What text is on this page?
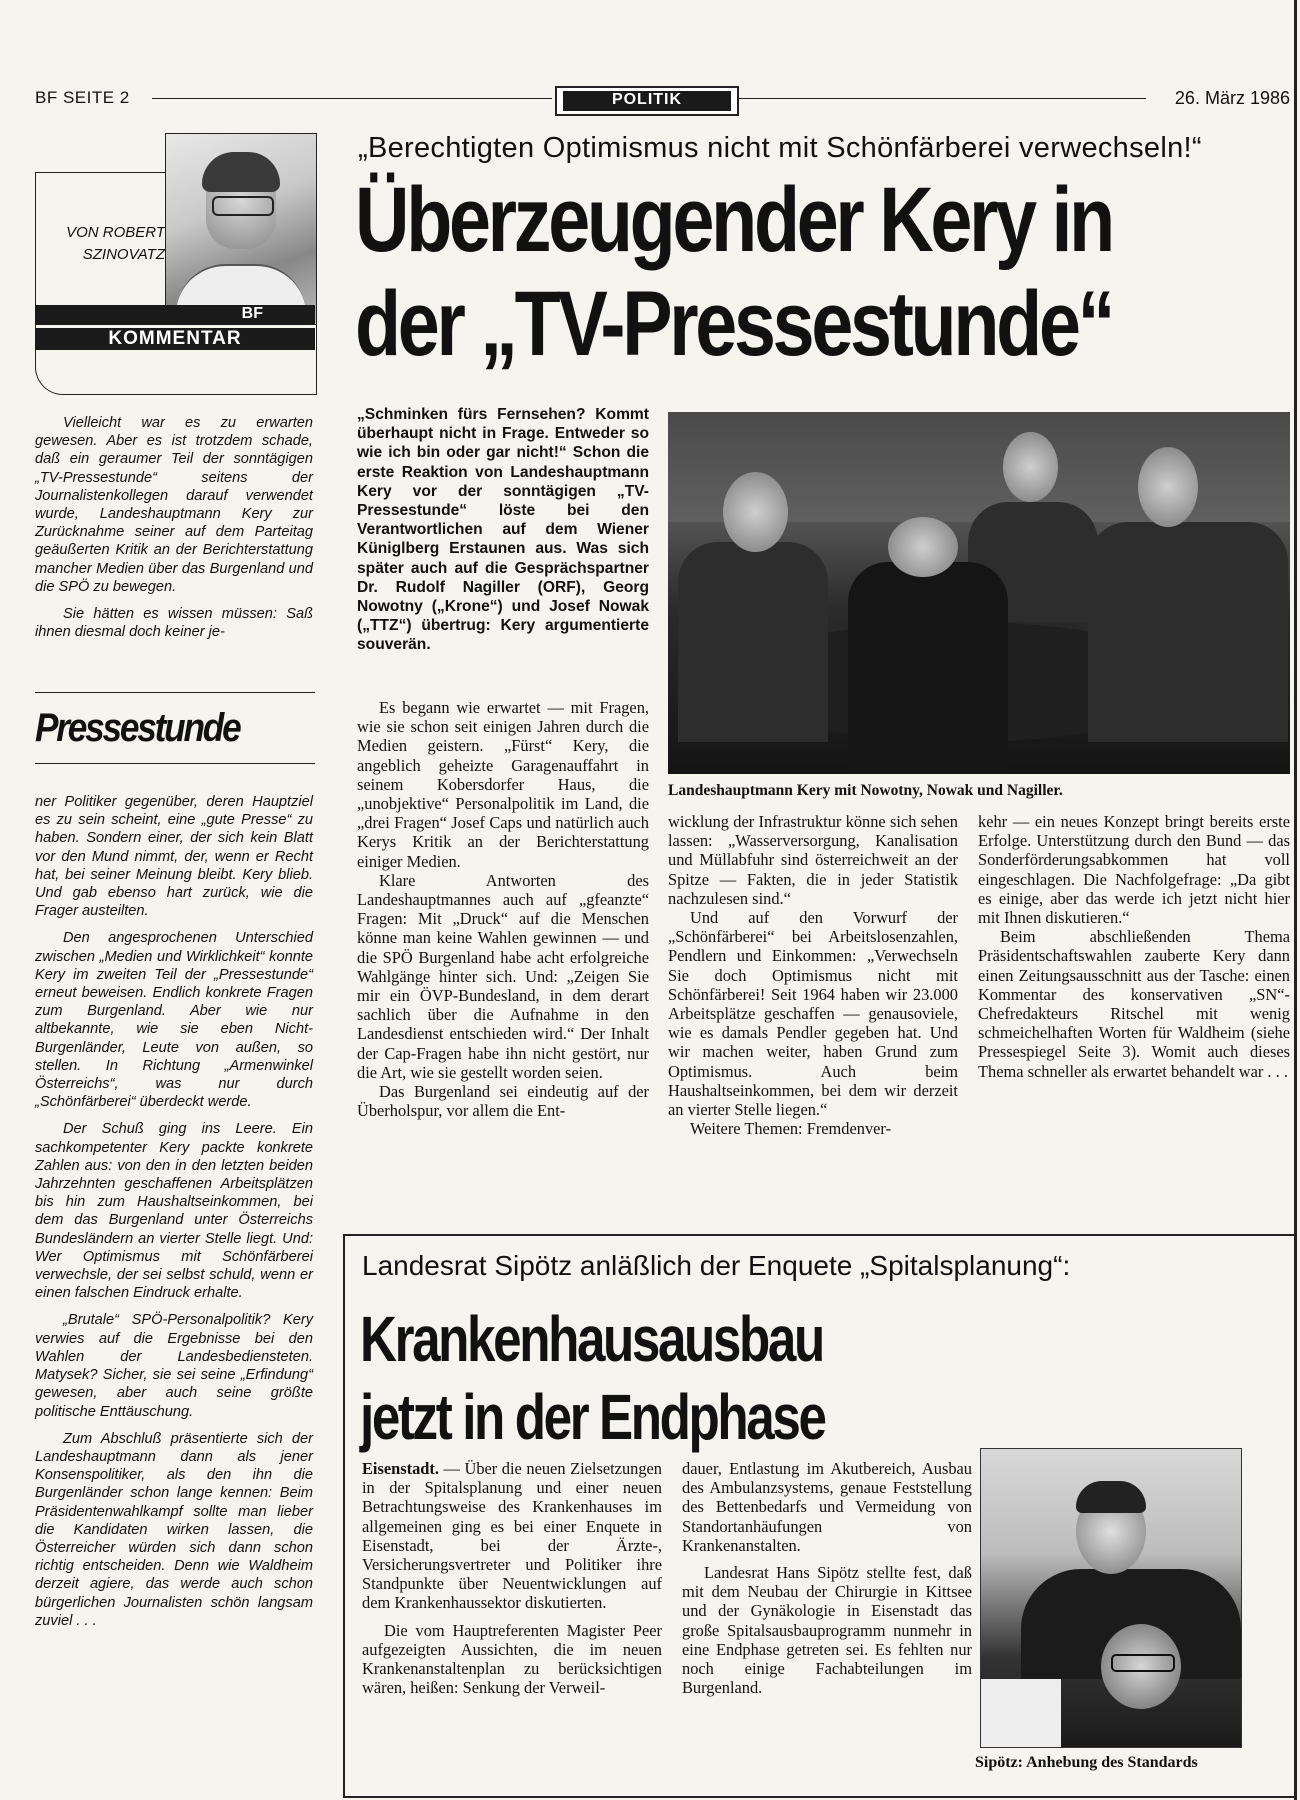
BF SEITE 2	POLITIK	26. März 1986
VON ROBERT
SZINOVATZ
BF
KOMMENTAR

Vielleicht war es zu erwarten gewesen. Aber es ist trotzdem schade, daß ein geraumer Teil der sonntägigen „TV-Pressestunde“ seitens der Journalistenkollegen darauf verwendet wurde, Landeshauptmann Kery zur Zurücknahme seiner auf dem Parteitag geäußerten Kritik an der Berichterstattung mancher Medien über das Burgenland und die SPÖ zu bewegen.

Sie hätten es wissen müssen: Saß ihnen diesmal doch keiner je-

Pressestunde

ner Politiker gegenüber, deren Hauptziel es zu sein scheint, eine „gute Presse“ zu haben. Sondern einer, der sich kein Blatt vor den Mund nimmt, der, wenn er Recht hat, bei seiner Meinung bleibt. Kery blieb. Und gab ebenso hart zurück, wie die Frager austeilten.

Den angesprochenen Unterschied zwischen „Medien und Wirklichkeit“ konnte Kery im zweiten Teil der „Pressestunde“ erneut beweisen. Endlich konkrete Fragen zum Burgenland. Aber wie nur altbekannte, wie sie eben Nicht-Burgenländer, Leute von außen, so stellen. In Richtung „Armenwinkel Österreichs“, was nur durch „Schönfärberei“ überdeckt werde.

Der Schuß ging ins Leere. Ein sachkompetenter Kery packte konkrete Zahlen aus: von den in den letzten beiden Jahrzehnten geschaffenen Arbeitsplätzen bis hin zum Haushaltseinkommen, bei dem das Burgenland unter Österreichs Bundesländern an vierter Stelle liegt. Und: Wer Optimismus mit Schönfärberei verwechsle, der sei selbst schuld, wenn er einen falschen Eindruck erhalte.

„Brutale“ SPÖ-Personalpolitik? Kery verwies auf die Ergebnisse bei den Wahlen der Landesbediensteten. Matysek? Sicher, sie sei seine „Erfindung“ gewesen, aber auch seine größte politische Enttäuschung.

Zum Abschluß präsentierte sich der Landeshauptmann dann als jener Konsenspolitiker, als den ihn die Burgenländer schon lange kennen: Beim Präsidentenwahlkampf sollte man lieber die Kandidaten wirken lassen, die Österreicher würden sich dann schon richtig entscheiden. Denn wie Waldheim derzeit agiere, das werde auch schon bürgerlichen Journalisten schön langsam zuviel . . .

„Berechtigten Optimismus nicht mit Schönfärberei verwechseln!“
Überzeugender Kery in
der „TV-Pressestunde“
„Schminken fürs Fernsehen? Kommt überhaupt nicht in Frage. Entweder so wie ich bin oder gar nicht!“ Schon die erste Reaktion von Landeshauptmann Kery vor der sonntägigen „TV-Pressestunde“ löste bei den Verantwortlichen auf dem Wiener Küniglberg Erstaunen aus. Was sich später auch auf die Gesprächspartner Dr. Rudolf Nagiller (ORF), Georg Nowotny („Krone“) und Josef Nowak („TTZ“) übertrug: Kery argumentierte souverän.
Landeshauptmann Kery mit Nowotny, Nowak und Nagiller.

Es begann wie erwartet — mit Fragen, wie sie schon seit einigen Jahren durch die Medien geistern. „Fürst“ Kery, die angeblich geheizte Garagenauffahrt in seinem Kobersdorfer Haus, die „unobjektive“ Personalpolitik im Land, die „drei Fragen“ Josef Caps und natürlich auch Kerys Kritik an der Berichterstattung einiger Medien.

Klare Antworten des Landeshauptmannes auch auf „gfeanzte“ Fragen: Mit „Druck“ auf die Menschen könne man keine Wahlen gewinnen — und die SPÖ Burgenland habe acht erfolgreiche Wahlgänge hinter sich. Und: „Zeigen Sie mir ein ÖVP-Bundesland, in dem derart sachlich über die Aufnahme in den Landesdienst entschieden wird.“ Der Inhalt der Cap-Fragen habe ihn nicht gestört, nur die Art, wie sie gestellt worden seien.

Das Burgenland sei eindeutig auf der Überholspur, vor allem die Ent-

wicklung der Infrastruktur könne sich sehen lassen: „Wasserversorgung, Kanalisation und Müllabfuhr sind österreichweit an der Spitze — Fakten, die in jeder Statistik nachzulesen sind.“

Und auf den Vorwurf der „Schönfärberei“ bei Arbeitslosenzahlen, Pendlern und Einkommen: „Verwechseln Sie doch Optimismus nicht mit Schönfärberei! Seit 1964 haben wir 23.000 Arbeitsplätze geschaffen — genausoviele, wie es damals Pendler gegeben hat. Und wir machen weiter, haben Grund zum Optimismus. Auch beim Haushaltseinkommen, bei dem wir derzeit an vierter Stelle liegen.“

Weitere Themen: Fremdenver-

kehr — ein neues Konzept bringt bereits erste Erfolge. Unterstützung durch den Bund — das Sonderförderungsabkommen hat voll eingeschlagen. Die Nachfolgefrage: „Da gibt es einige, aber das werde ich jetzt nicht hier mit Ihnen diskutieren.“

Beim abschließenden Thema Präsidentschaftswahlen zauberte Kery dann einen Zeitungsausschnitt aus der Tasche: einen Kommentar des konservativen „SN“-Chefredakteurs Ritschel mit wenig schmeichelhaften Worten für Waldheim (siehe Pressespiegel Seite 3). Womit auch dieses Thema schneller als erwartet behandelt war . . .

Landesrat Sipötz anläßlich der Enquete „Spitalsplanung“:
Krankenhausausbau
jetzt in der Endphase

Eisenstadt. — Über die neuen Zielsetzungen in der Spitalsplanung und einer neuen Betrachtungsweise des Krankenhauses im allgemeinen ging es bei einer Enquete in Eisenstadt, bei der Ärzte-, Versicherungsvertreter und Politiker ihre Standpunkte über Neuentwicklungen auf dem Krankenhaussektor diskutierten.

Die vom Hauptreferenten Magister Peer aufgezeigten Aussichten, die im neuen Krankenanstaltenplan zu berücksichtigen wären, heißen: Senkung der Verweil-

dauer, Entlastung im Akutbereich, Ausbau des Ambulanzsystems, genaue Feststellung des Bettenbedarfs und Vermeidung von Standortanhäufungen von Krankenanstalten.

Landesrat Hans Sipötz stellte fest, daß mit dem Neubau der Chirurgie in Kittsee und der Gynäkologie in Eisenstadt das große Spitalsausbauprogramm nunmehr in eine Endphase getreten sei. Es fehlten nur noch einige Fachabteilungen im Burgenland.

Sipötz: Anhebung des Standards
